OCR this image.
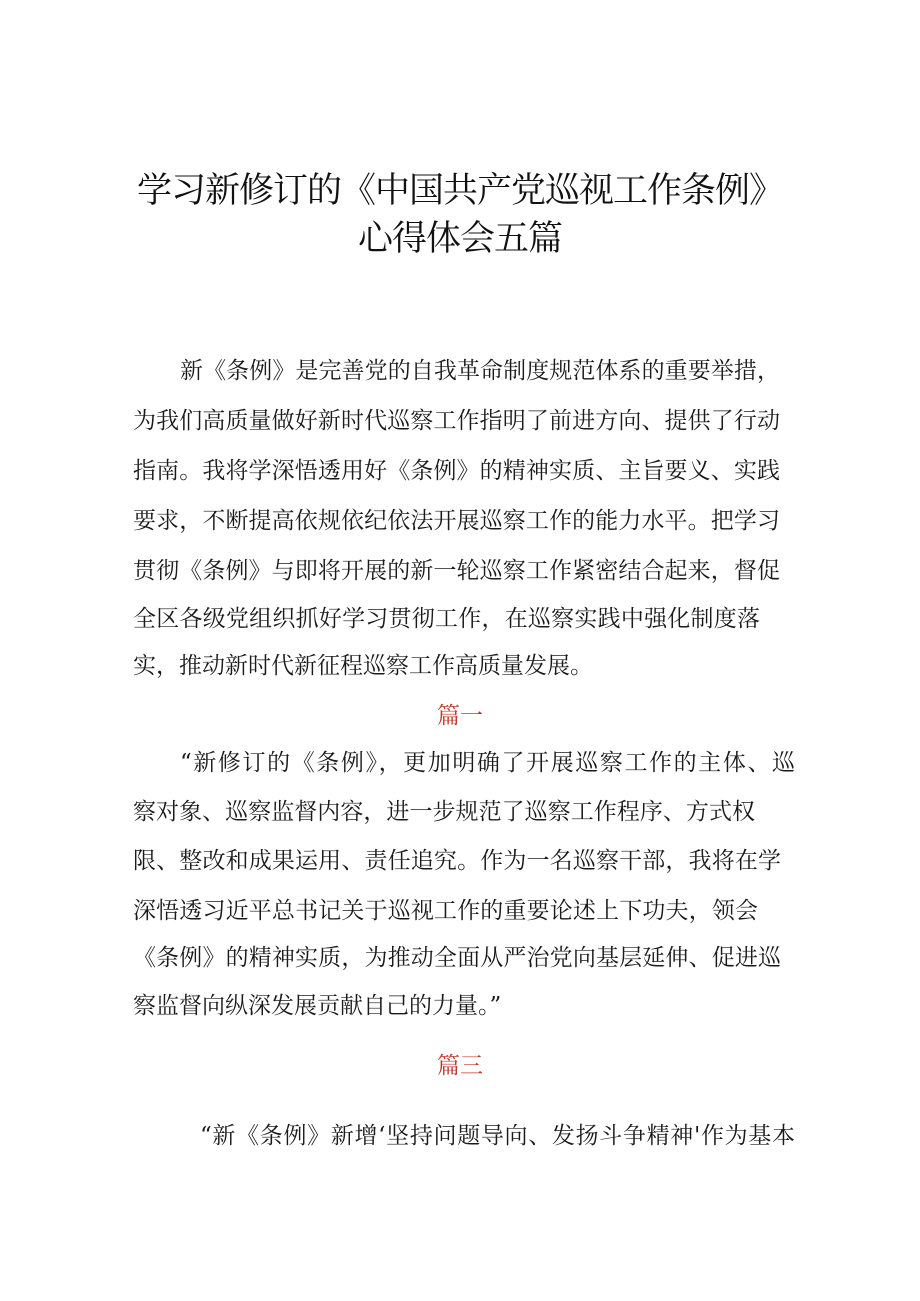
学习新修订的《中国共产党巡视工作条例》
心得体会五篇
新《条例》是完善党的自我革命制度规范体系的重要举措，
为我们高质量做好新时代巡察工作指明了前进方向、提供了行动
指南。我将学深悟透用好《条例》的精神实质、主旨要义、实践
要求，不断提高依规依纪依法开展巡察工作的能力水平。把学习
贯彻《条例》与即将开展的新一轮巡察工作紧密结合起来，督促
全区各级党组织抓好学习贯彻工作，在巡察实践中强化制度落
实，推动新时代新征程巡察工作高质量发展。
篇一
“新修订的《条例》，更加明确了开展巡察工作的主体、巡
察对象、巡察监督内容，进一步规范了巡察工作程序、方式权
限、整改和成果运用、责任追究。作为一名巡察干部，我将在学
深悟透习近平总书记关于巡视工作的重要论述上下功夫，领会
《条例》的精神实质，为推动全面从严治党向基层延伸、促进巡
察监督向纵深发展贡献自己的力量。”
篇三
“新《条例》新增‘坚持问题导向、发扬斗争精神'作为基本
